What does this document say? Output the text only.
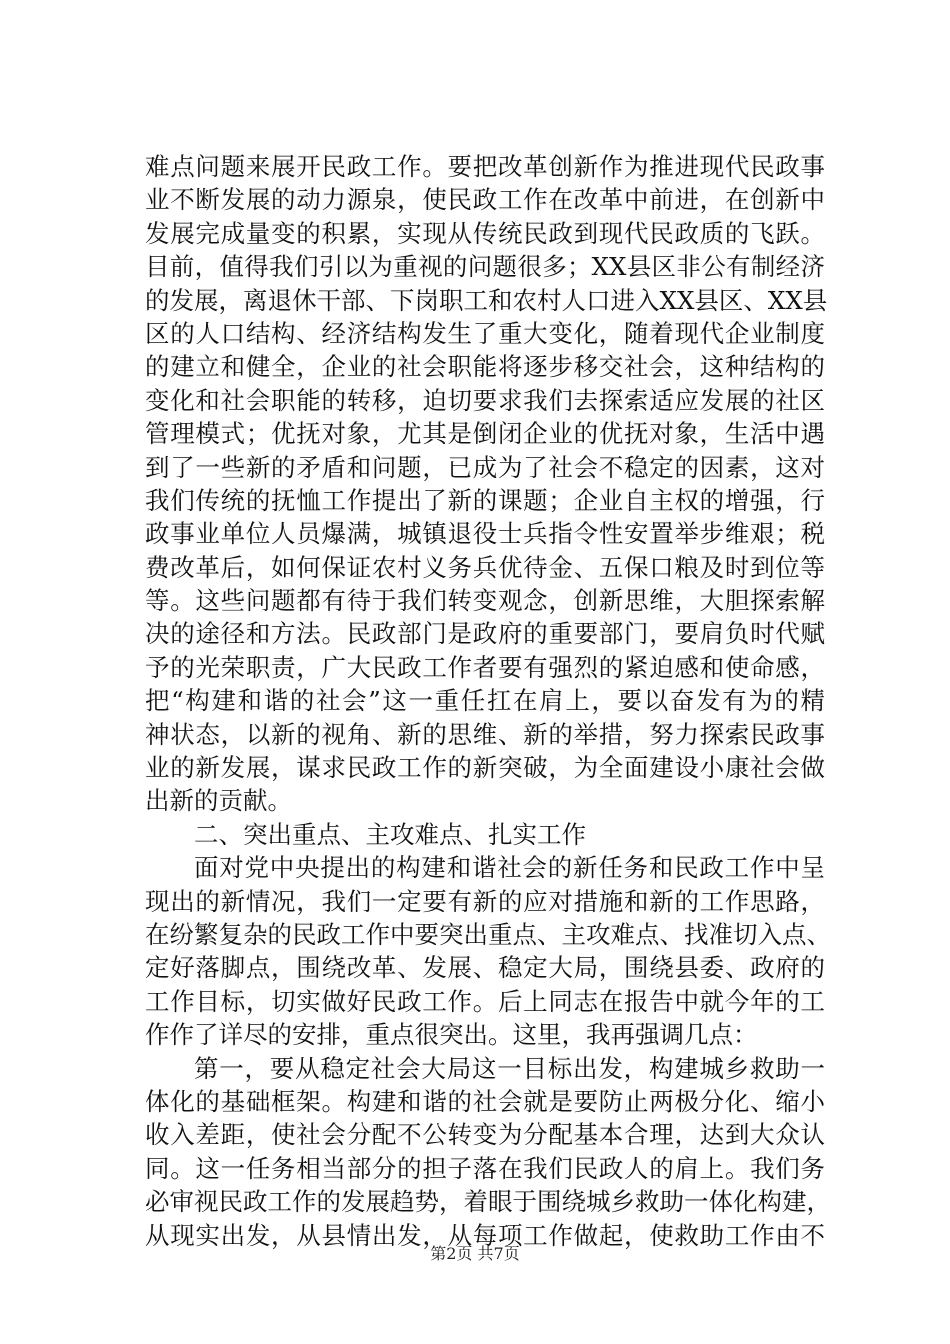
难点问题来展开民政工作。要把改革创新作为推进现代民政事
业不断发展的动力源泉，使民政工作在改革中前进，在创新中
发展完成量变的积累，实现从传统民政到现代民政质的飞跃。
目前，值得我们引以为重视的问题很多；XX县区非公有制经济
的发展，离退休干部、下岗职工和农村人口进入XX县区、XX县
区的人口结构、经济结构发生了重大变化，随着现代企业制度
的建立和健全，企业的社会职能将逐步移交社会，这种结构的
变化和社会职能的转移，迫切要求我们去探索适应发展的社区
管理模式；优抚对象，尤其是倒闭企业的优抚对象，生活中遇
到了一些新的矛盾和问题，已成为了社会不稳定的因素，这对
我们传统的抚恤工作提出了新的课题；企业自主权的增强，行
政事业单位人员爆满，城镇退役士兵指令性安置举步维艰；税
费改革后，如何保证农村义务兵优待金、五保口粮及时到位等
等。这些问题都有待于我们转变观念，创新思维，大胆探索解
决的途径和方法。民政部门是政府的重要部门，要肩负时代赋
予的光荣职责，广大民政工作者要有强烈的紧迫感和使命感，
把“构建和谐的社会”这一重任扛在肩上，要以奋发有为的精
神状态，以新的视角、新的思维、新的举措，努力探索民政事
业的新发展，谋求民政工作的新突破，为全面建设小康社会做
出新的贡献。
二、突出重点、主攻难点、扎实工作
面对党中央提出的构建和谐社会的新任务和民政工作中呈
现出的新情况，我们一定要有新的应对措施和新的工作思路，
在纷繁复杂的民政工作中要突出重点、主攻难点、找准切入点、
定好落脚点，围绕改革、发展、稳定大局，围绕县委、政府的
工作目标，切实做好民政工作。后上同志在报告中就今年的工
作作了详尽的安排，重点很突出。这里，我再强调几点：
第一，要从稳定社会大局这一目标出发，构建城乡救助一
体化的基础框架。构建和谐的社会就是要防止两极分化、缩小
收入差距，使社会分配不公转变为分配基本合理，达到大众认
同。这一任务相当部分的担子落在我们民政人的肩上。我们务
必审视民政工作的发展趋势，着眼于围绕城乡救助一体化构建，
从现实出发，从县情出发，从每项工作做起，使救助工作由不
第2页 共7页
